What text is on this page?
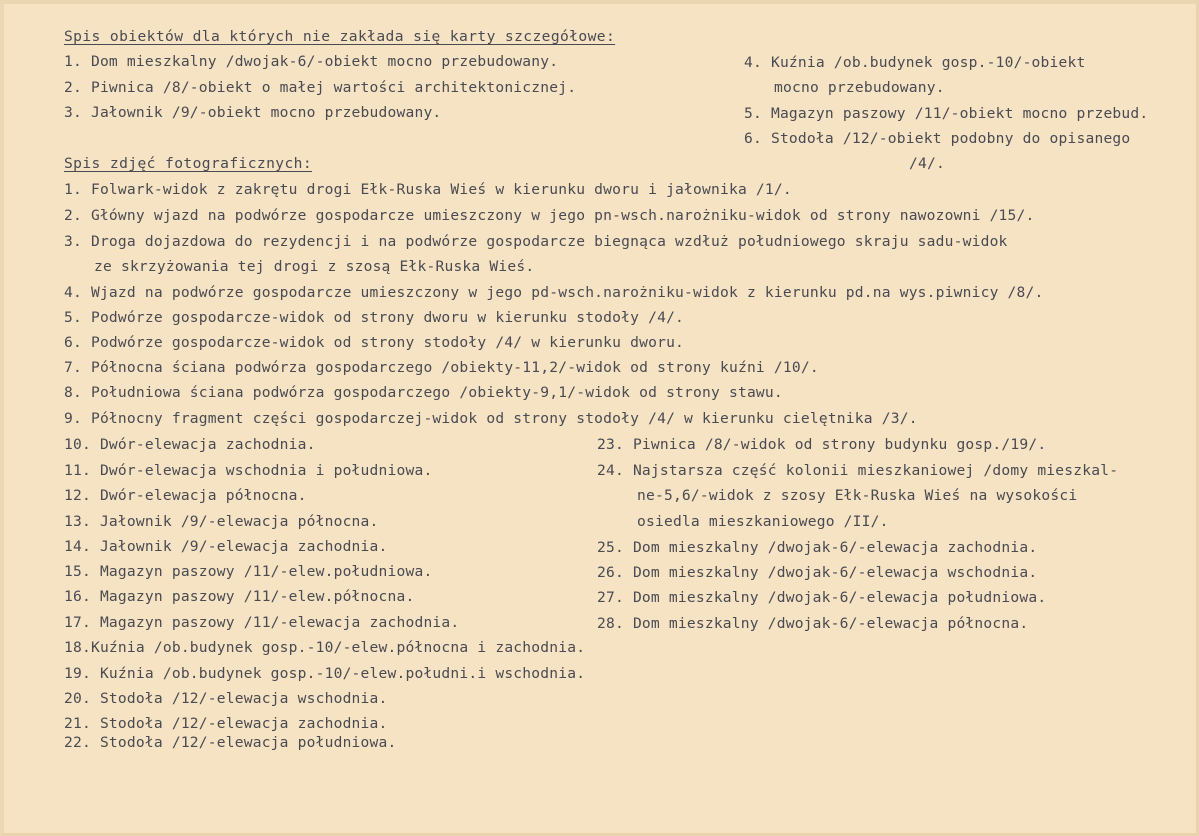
Spis obiektów dla których nie zakłada się karty szczegółowe:
1. Dom mieszkalny /dwojak-6/-obiekt mocno przebudowany.
2. Piwnica /8/-obiekt o małej wartości architektonicznej.
3. Jałownik /9/-obiekt mocno przebudowany.
4. Kuźnia /ob.budynek gosp.-10/-obiekt
mocno przebudowany.
5. Magazyn paszowy /11/-obiekt mocno przebud.
6. Stodoła /12/-obiekt podobny do opisanego
/4/.
Spis zdjęć fotograficznych:
1. Folwark-widok z zakrętu drogi Ełk-Ruska Wieś w kierunku dworu i jałownika /1/.
2. Główny wjazd na podwórze gospodarcze umieszczony w jego pn-wsch.narożniku-widok od strony nawozowni /15/.
3. Droga dojazdowa do rezydencji i na podwórze gospodarcze biegnąca wzdłuż południowego skraju sadu-widok
ze skrzyżowania tej drogi z szosą Ełk-Ruska Wieś.
4. Wjazd na podwórze gospodarcze umieszczony w jego pd-wsch.narożniku-widok z kierunku pd.na wys.piwnicy /8/.
5. Podwórze gospodarcze-widok od strony dworu w kierunku stodoły /4/.
6. Podwórze gospodarcze-widok od strony stodoły /4/ w kierunku dworu.
7. Północna ściana podwórza gospodarczego /obiekty-11,2/-widok od strony kuźni /10/.
8. Południowa ściana podwórza gospodarczego /obiekty-9,1/-widok od strony stawu.
9. Północny fragment części gospodarczej-widok od strony stodoły /4/ w kierunku cielętnika /3/.
10. Dwór-elewacja zachodnia.
11. Dwór-elewacja wschodnia i południowa.
12. Dwór-elewacja północna.
13. Jałownik /9/-elewacja północna.
14. Jałownik /9/-elewacja zachodnia.
15. Magazyn paszowy /11/-elew.południowa.
16. Magazyn paszowy /11/-elew.północna.
17. Magazyn paszowy /11/-elewacja zachodnia.
18.Kuźnia /ob.budynek gosp.-10/-elew.północna i zachodnia.
19. Kuźnia /ob.budynek gosp.-10/-elew.południ.i wschodnia.
20. Stodoła /12/-elewacja wschodnia.
21. Stodoła /12/-elewacja zachodnia.
22. Stodoła /12/-elewacja południowa.
23. Piwnica /8/-widok od strony budynku gosp./19/.
24. Najstarsza część kolonii mieszkaniowej /domy mieszkal-
ne-5,6/-widok z szosy Ełk-Ruska Wieś na wysokości
osiedla mieszkaniowego /II/.
25. Dom mieszkalny /dwojak-6/-elewacja zachodnia.
26. Dom mieszkalny /dwojak-6/-elewacja wschodnia.
27. Dom mieszkalny /dwojak-6/-elewacja południowa.
28. Dom mieszkalny /dwojak-6/-elewacja północna.
